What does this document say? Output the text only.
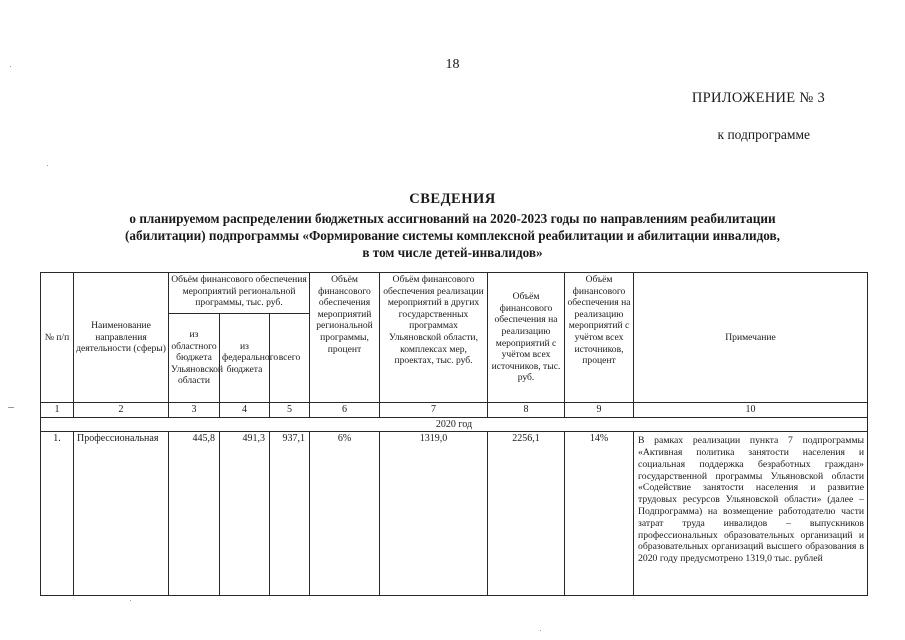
18
ПРИЛОЖЕНИЕ № 3
к подпрограмме
СВЕДЕНИЯ
о планируемом распределении бюджетных ассигнований на 2020-2023 годы по направлениям реабилитации
(абилитации) подпрограммы «Формирование системы комплексной реабилитации и абилитации инвалидов,
в том числе детей-инвалидов»
№ п/п	Наименование направления деятельности (сферы)	Объём финансового обеспечения мероприятий региональной программы, тыс. руб.			Объём финансового обеспечения мероприятий региональной программы, процент	Объём финансового обеспечения реализации мероприятий в других государственных программах Ульяновской области, комплексах мер, проектах, тыс. руб.	Объём финансового обеспечения на реализацию мероприятий с учётом всех источников, тыс. руб.	Объём финансового обеспечения на реализацию мероприятий с учётом всех источников, процент	Примечание
		из областного бюджета Ульяновской области	из федерального бюджета	всего					
1	2	3	4	5	6	7	8	9	10
2020 год									
1.	Профессиональная	445,8	491,3	937,1	6%	1319,0	2256,1	14%	В рамках реализации пункта 7 подпрограммы «Активная политика занятости населения и социальная поддержка безработных граждан» государственной программы Ульяновской области «Содействие занятости населения и развитие трудовых ресурсов Ульяновской области» (далее – Подпрограмма) на возмещение работодателю части затрат труда инвалидов – выпускников профессиональных образовательных организаций и образовательных организаций высшего образования в 2020 году предусмотрено 1319,0 тыс. рублей
